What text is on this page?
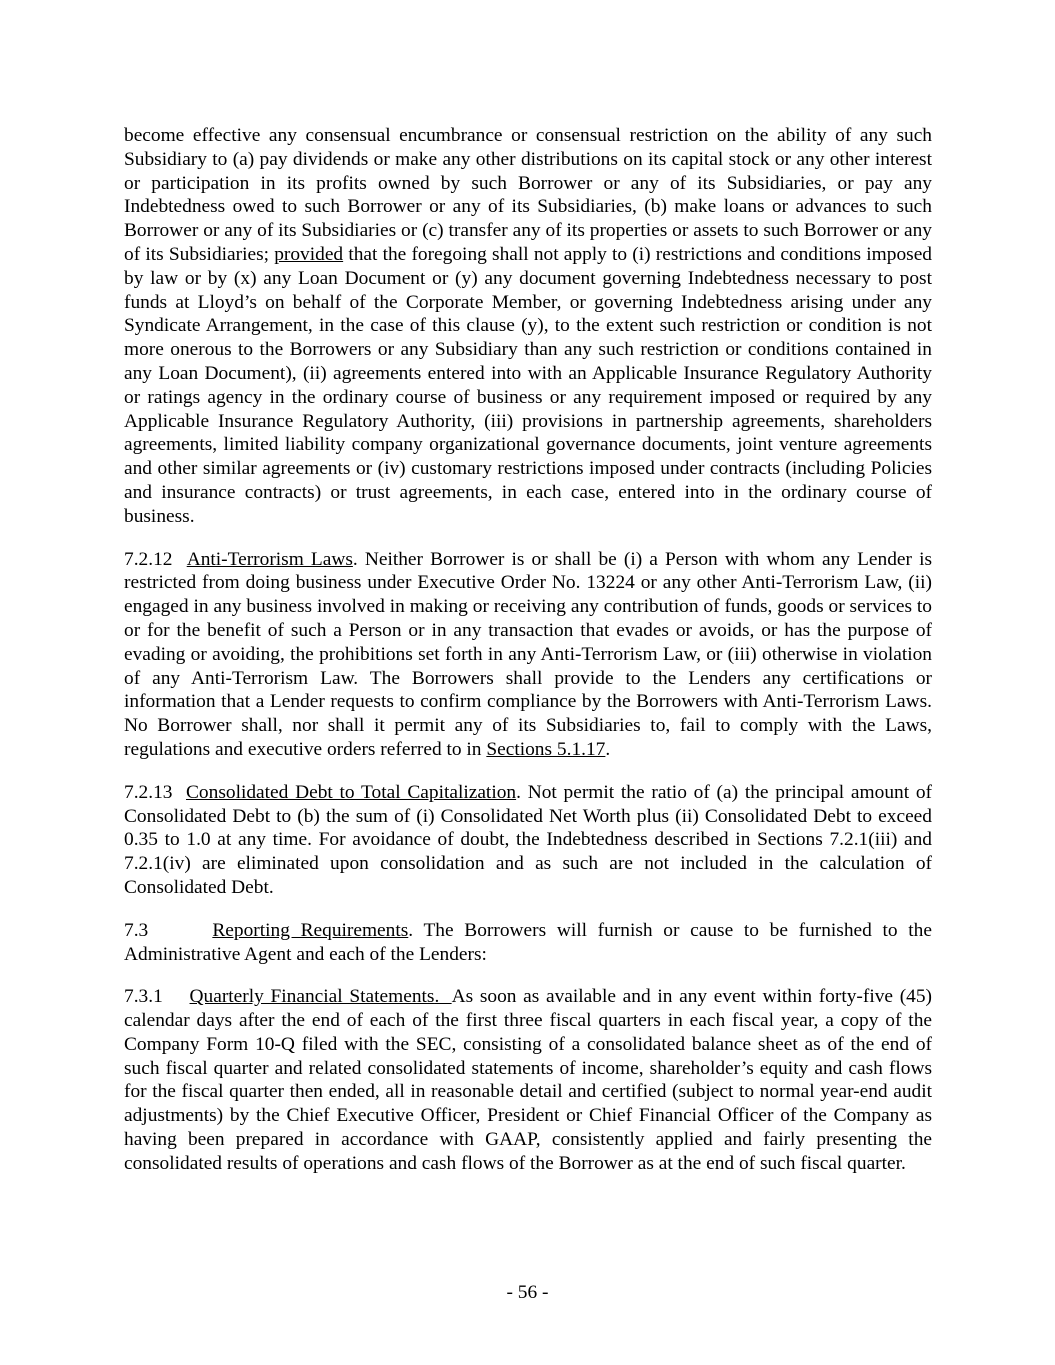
become effective any consensual encumbrance or consensual restriction on the ability of any such Subsidiary to (a) pay dividends or make any other distributions on its capital stock or any other interest or participation in its profits owned by such Borrower or any of its Subsidiaries, or pay any Indebtedness owed to such Borrower or any of its Subsidiaries, (b) make loans or advances to such Borrower or any of its Subsidiaries or (c) transfer any of its properties or assets to such Borrower or any of its Subsidiaries; provided that the foregoing shall not apply to (i) restrictions and conditions imposed by law or by (x) any Loan Document or (y) any document governing Indebtedness necessary to post funds at Lloyd’s on behalf of the Corporate Member, or governing Indebtedness arising under any Syndicate Arrangement, in the case of this clause (y), to the extent such restriction or condition is not more onerous to the Borrowers or any Subsidiary than any such restriction or conditions contained in any Loan Document), (ii) agreements entered into with an Applicable Insurance Regulatory Authority or ratings agency in the ordinary course of business or any requirement imposed or required by any Applicable Insurance Regulatory Authority, (iii) provisions in partnership agreements, shareholders agreements, limited liability company organizational governance documents, joint venture agreements and other similar agreements or (iv) customary restrictions imposed under contracts (including Policies and insurance contracts) or trust agreements, in each case, entered into in the ordinary course of business.

7.2.12 Anti-Terrorism Laws. Neither Borrower is or shall be (i) a Person with whom any Lender is restricted from doing business under Executive Order No. 13224 or any other Anti-Terrorism Law, (ii) engaged in any business involved in making or receiving any contribution of funds, goods or services to or for the benefit of such a Person or in any transaction that evades or avoids, or has the purpose of evading or avoiding, the prohibitions set forth in any Anti-Terrorism Law, or (iii) otherwise in violation of any Anti-Terrorism Law. The Borrowers shall provide to the Lenders any certifications or information that a Lender requests to confirm compliance by the Borrowers with Anti-Terrorism Laws. No Borrower shall, nor shall it permit any of its Subsidiaries to, fail to comply with the Laws, regulations and executive orders referred to in Sections 5.1.17.

7.2.13 Consolidated Debt to Total Capitalization. Not permit the ratio of (a) the principal amount of Consolidated Debt to (b) the sum of (i) Consolidated Net Worth plus (ii) Consolidated Debt to exceed 0.35 to 1.0 at any time. For avoidance of doubt, the Indebtedness described in Sections 7.2.1(iii) and 7.2.1(iv) are eliminated upon consolidation and as such are not included in the calculation of Consolidated Debt.

7.3	Reporting Requirements. The Borrowers will furnish or cause to be furnished to the Administrative Agent and each of the Lenders:

7.3.1 Quarterly Financial Statements.  As soon as available and in any event within forty-five (45) calendar days after the end of each of the first three fiscal quarters in each fiscal year, a copy of the Company Form 10-Q filed with the SEC, consisting of a consolidated balance sheet as of the end of such fiscal quarter and related consolidated statements of income, shareholder’s equity and cash flows for the fiscal quarter then ended, all in reasonable detail and certified (subject to normal year-end audit adjustments) by the Chief Executive Officer, President or Chief Financial Officer of the Company as having been prepared in accordance with GAAP, consistently applied and fairly presenting the consolidated results of operations and cash flows of the Borrower as at the end of such fiscal quarter.

- 56 -
